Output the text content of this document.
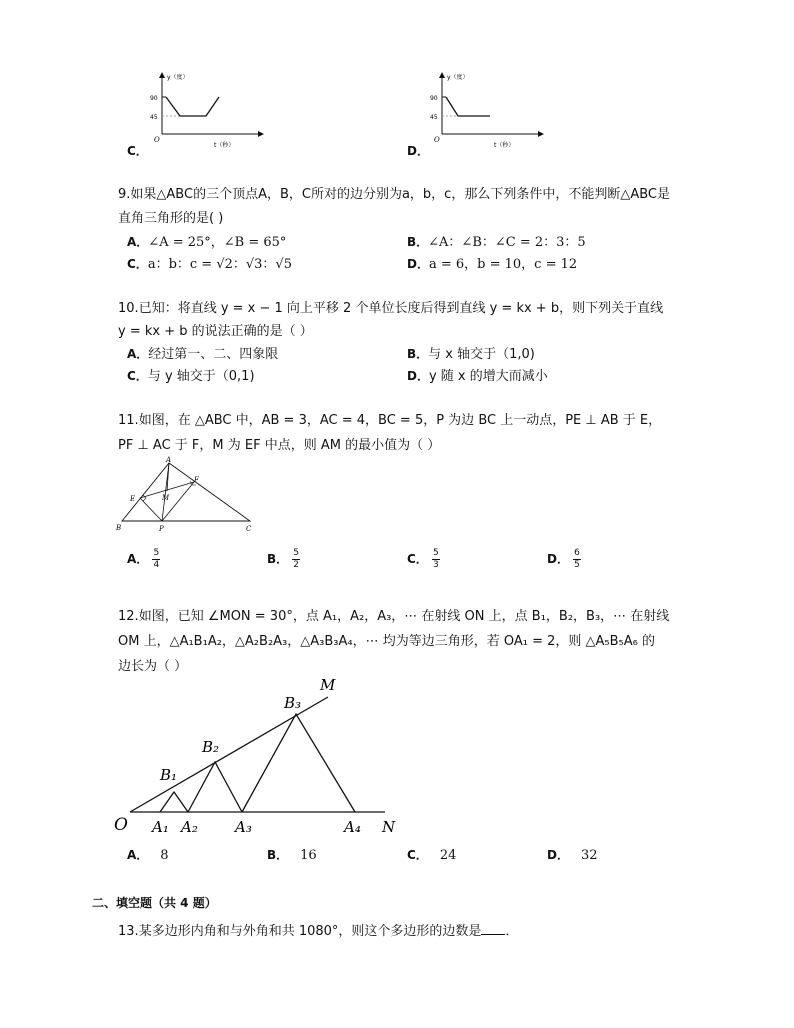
C．
y（度）
t（秒）
O
90
45
D．
y（度）
t（秒）
O
90
45
9.如果△ABC的三个顶点A，B，C所对的边分别为a，b，c，那么下列条件中，不能判断△ABC是
直角三角形的是( )
A．∠A = 25°，∠B = 65°	B．∠A：∠B：∠C = 2：3：5
C．a：b：c = √2：√3：√5	D．a = 6，b = 10，c = 12
10.已知：将直线 y = x − 1 向上平移 2 个单位长度后得到直线 y = kx + b，则下列关于直线
y = kx + b 的说法正确的是（ ）
A．经过第一、二、四象限	B．与 x 轴交于（1,0)
C．与 y 轴交于（0,1)	D．y 随 x 的增大而减小
11.如图，在 △ABC 中，AB = 3，AC = 4，BC = 5，P 为边 BC 上一动点，PE ⊥ AB 于 E，
PF ⊥ AC 于 F，M 为 EF 中点，则 AM 的最小值为（ ）
A
B	C
E
F
M
P
A． $\frac{5}{4}$	B． $\frac{5}{2}$	C． $\frac{5}{3}$	D． $\frac{6}{5}$
12.如图，已知 ∠MON = 30°，点 A₁，A₂，A₃，⋯ 在射线 ON 上，点 B₁，B₂，B₃，⋯ 在射线
OM 上，△A₁B₁A₂，△A₂B₂A₃，△A₃B₃A₄，⋯ 均为等边三角形，若 OA₁ = 2，则 △A₅B₅A₆ 的
边长为（ ）
O
M
N
A₁ A₂ A₃	A₄
B₁
B₂
B₃
A． 8	B． 16	C． 24	D． 32
二、填空题（共 4 题）
13.某多边形内角和与外角和共 1080°，则这个多边形的边数是 ．
